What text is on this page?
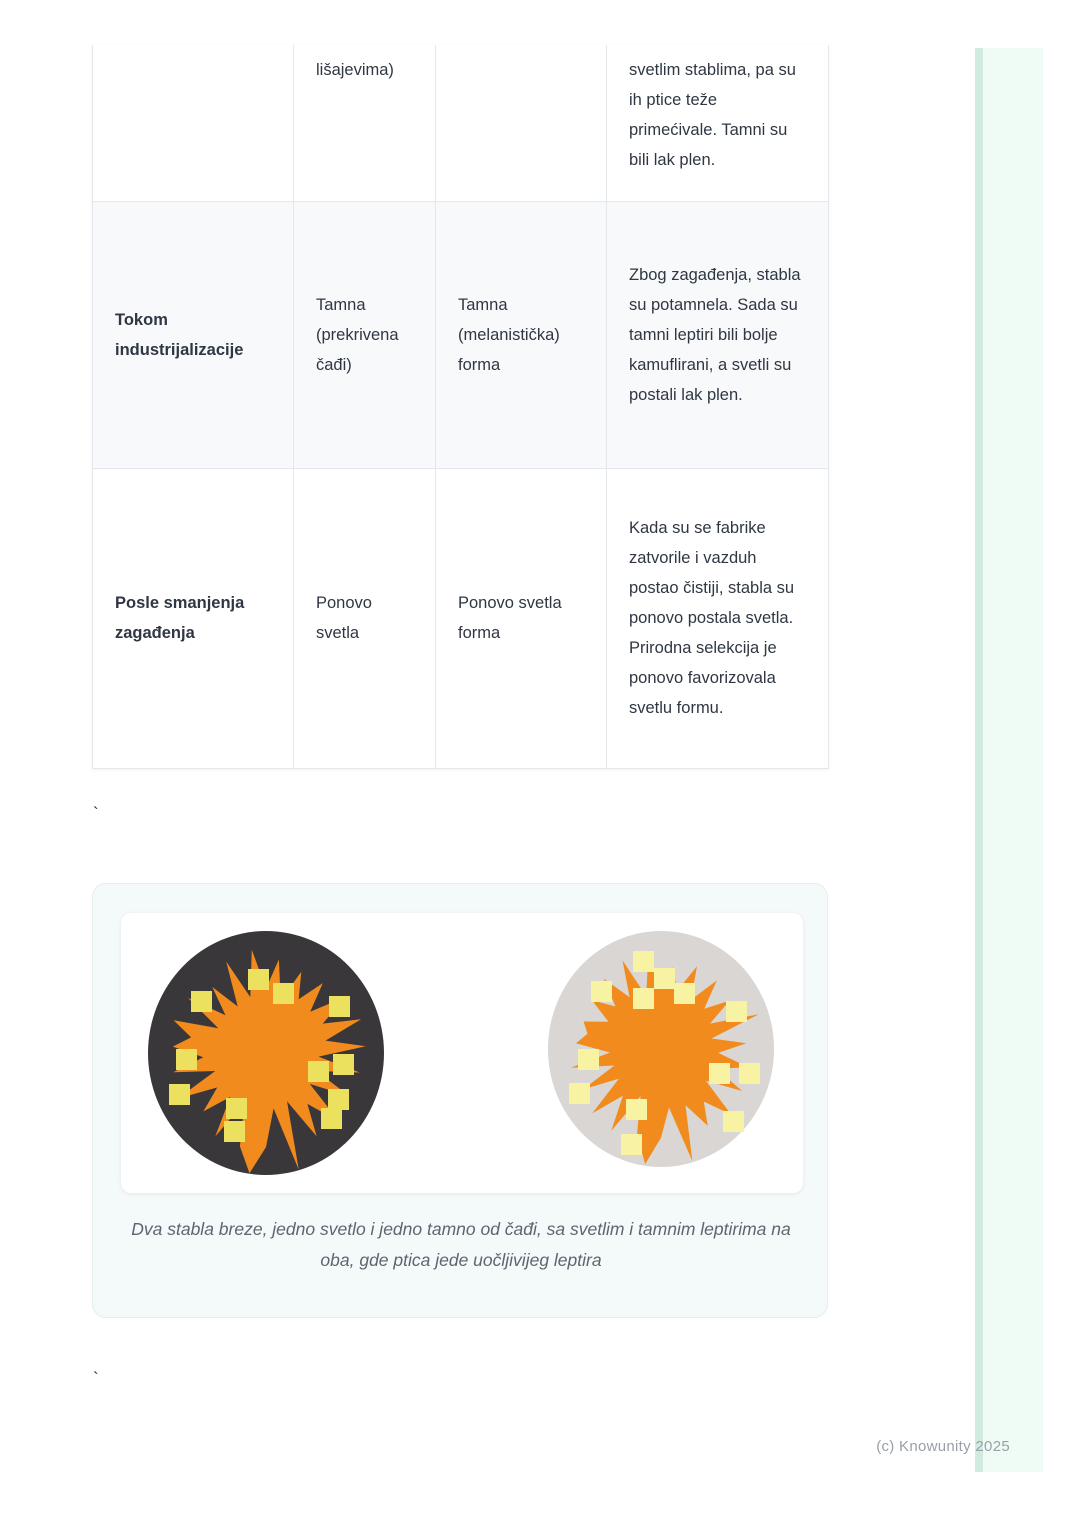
	lišajevima)		svetlim stablima, pa su ih ptice teže primećivale. Tamni su bili lak plen.
Tokom industrijalizacije	Tamna (prekrivena čađi)	Tamna (melanistička) forma	Zbog zagađenja, stabla su potamnela. Sada su tamni leptiri bili bolje kamuflirani, a svetli su postali lak plen.
Posle smanjenja zagađenja	Ponovo svetla	Ponovo svetla forma	Kada su se fabrike zatvorile i vazduh postao čistiji, stabla su ponovo postala svetla. Prirodna selekcija je ponovo favorizovala svetlu formu.
`
`
Dva stabla breze, jedno svetlo i jedno tamno od čađi, sa svetlim i tamnim leptirima na oba, gde ptica jede uočljivijeg leptira
(c) Knowunity 2025
